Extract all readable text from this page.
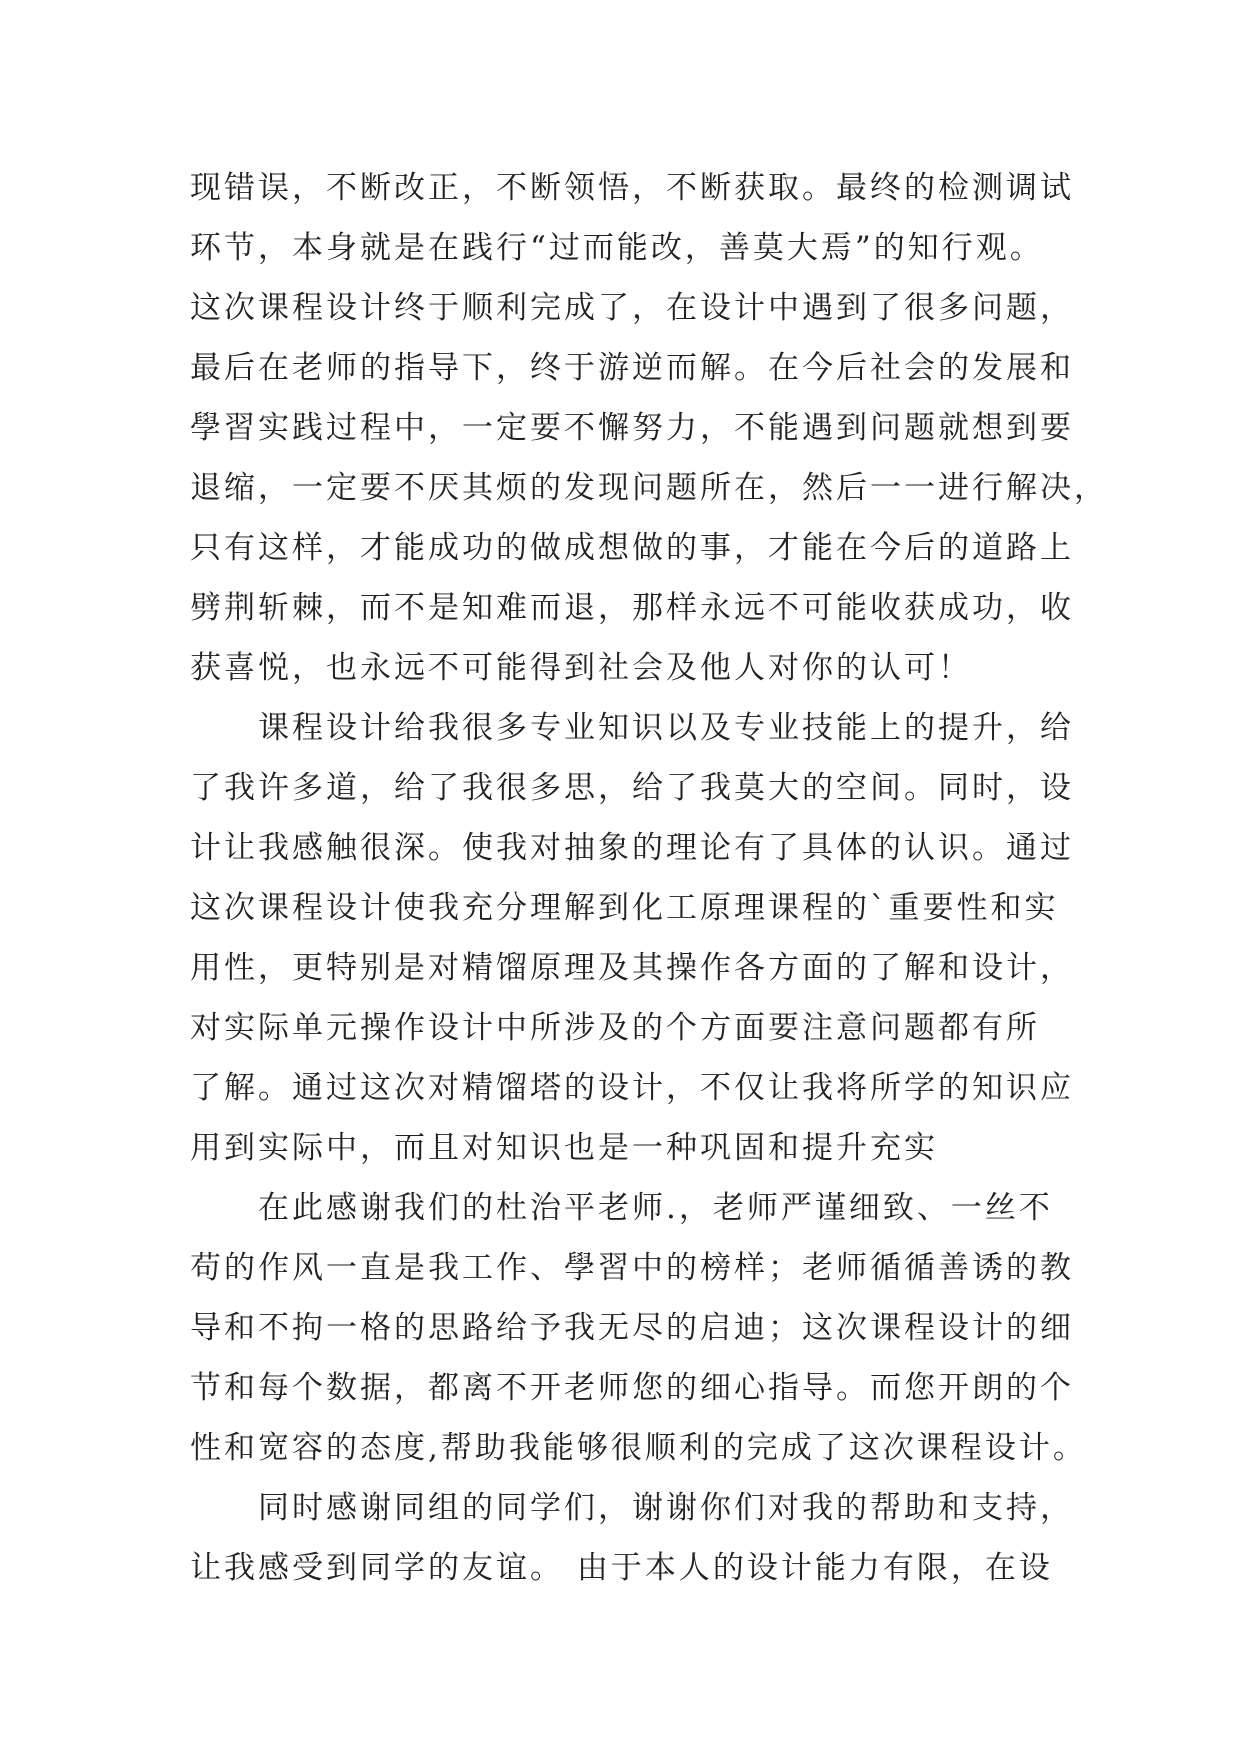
现错误，不断改正，不断领悟，不断获取。最终的检测调试
环节，本身就是在践行“过而能改，善莫大焉”的知行观。
这次课程设计终于顺利完成了，在设计中遇到了很多问题，
最后在老师的指导下，终于游逆而解。在今后社会的发展和
學習实践过程中，一定要不懈努力，不能遇到问题就想到要
退缩，一定要不厌其烦的发现问题所在，然后一一进行解决，
只有这样，才能成功的做成想做的事，才能在今后的道路上
劈荆斩棘，而不是知难而退，那样永远不可能收获成功，收
获喜悦，也永远不可能得到社会及他人对你的认可！
　　课程设计给我很多专业知识以及专业技能上的提升，给
了我许多道，给了我很多思，给了我莫大的空间。同时，设
计让我感触很深。使我对抽象的理论有了具体的认识。通过
这次课程设计使我充分理解到化工原理课程的`重要性和实
用性，更特别是对精馏原理及其操作各方面的了解和设计，
对实际单元操作设计中所涉及的个方面要注意问题都有所
了解。通过这次对精馏塔的设计，不仅让我将所学的知识应
用到实际中，而且对知识也是一种巩固和提升充实
　　在此感谢我们的杜治平老师.，老师严谨细致、一丝不
苟的作风一直是我工作、學習中的榜样；老师循循善诱的教
导和不拘一格的思路给予我无尽的启迪；这次课程设计的细
节和每个数据，都离不开老师您的细心指导。而您开朗的个
性和宽容的态度,帮助我能够很顺利的完成了这次课程设计。
　　同时感谢同组的同学们，谢谢你们对我的帮助和支持，
让我感受到同学的友谊。 由于本人的设计能力有限，在设
